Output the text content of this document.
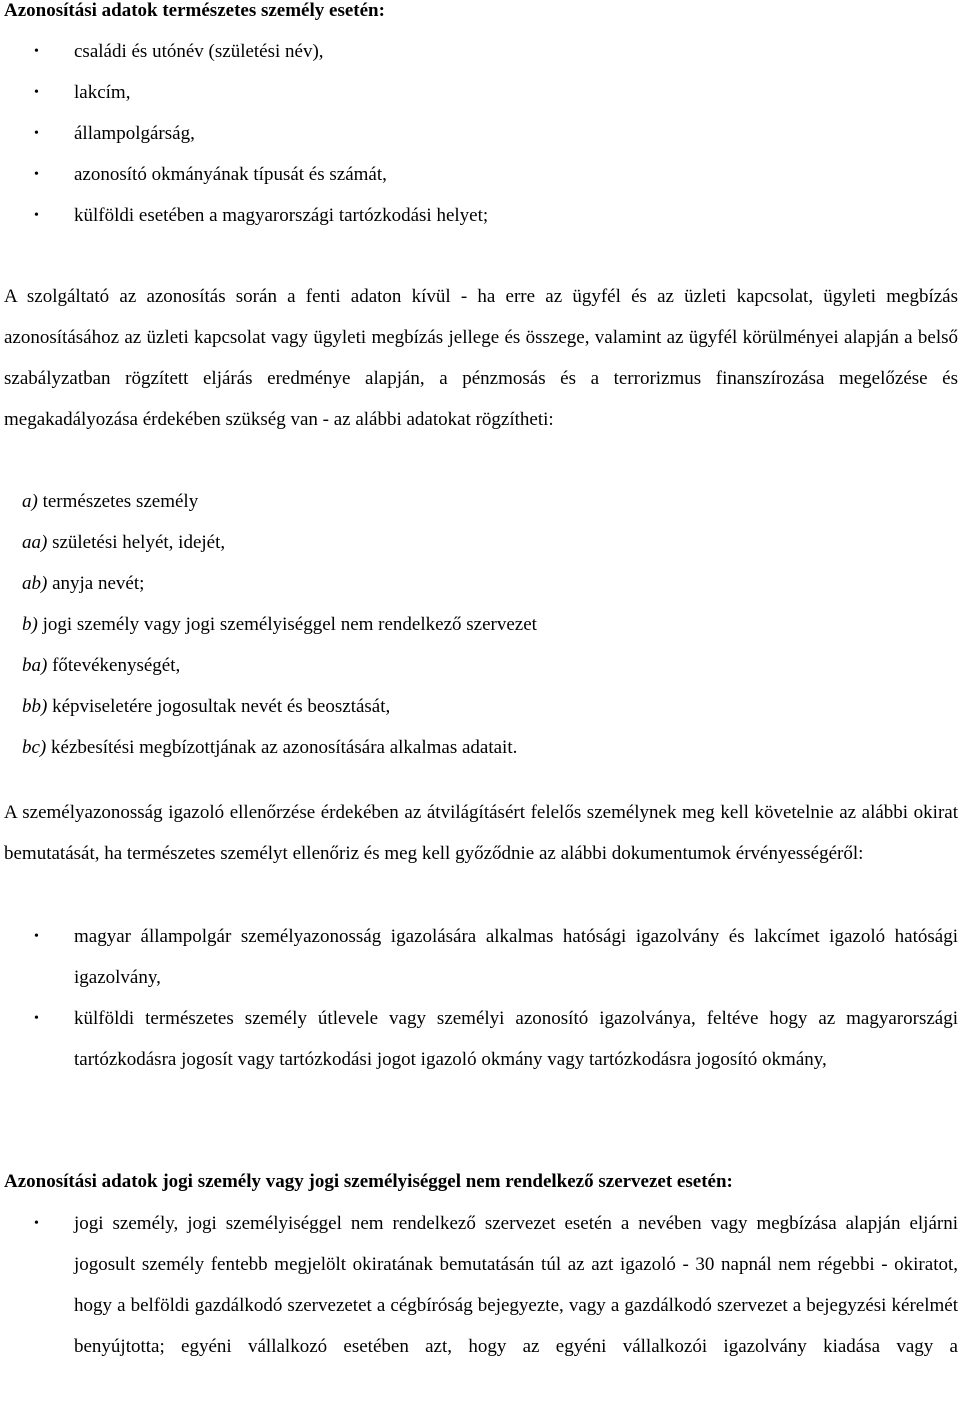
Azonosítási adatok természetes személy esetén:

• családi és utónév (születési név),
• lakcím,
• állampolgárság,
• azonosító okmányának típusát és számát,
• külföldi esetében a magyarországi tartózkodási helyet;

A szolgáltató az azonosítás során a fenti adaton kívül - ha erre az ügyfél és az üzleti kapcsolat, ügyleti megbízás azonosításához az üzleti kapcsolat vagy ügyleti megbízás jellege és összege, valamint az ügyfél körülményei alapján a belső szabályzatban rögzített eljárás eredménye alapján, a pénzmosás és a terrorizmus finanszírozása megelőzése és megakadályozása érdekében szükség van - az alábbi adatokat rögzítheti:

a) természetes személy
aa) születési helyét, idejét,
ab) anyja nevét;
b) jogi személy vagy jogi személyiséggel nem rendelkező szervezet
ba) főtevékenységét,
bb) képviseletére jogosultak nevét és beosztását,
bc) kézbesítési megbízottjának az azonosítására alkalmas adatait.

A személyazonosság igazoló ellenőrzése érdekében az átvilágításért felelős személynek meg kell követelnie az alábbi okirat bemutatását, ha természetes személyt ellenőriz és meg kell győződnie az alábbi dokumentumok érvényességéről:

• magyar állampolgár személyazonosság igazolására alkalmas hatósági igazolvány és lakcímet igazoló hatósági igazolvány,
• külföldi természetes személy útlevele vagy személyi azonosító igazolványa, feltéve hogy az magyarországi tartózkodásra jogosít vagy tartózkodási jogot igazoló okmány vagy tartózkodásra jogosító okmány,

Azonosítási adatok jogi személy vagy jogi személyiséggel nem rendelkező szervezet esetén:

• jogi személy, jogi személyiséggel nem rendelkező szervezet esetén a nevében vagy megbízása alapján eljárni jogosult személy fentebb megjelölt okiratának bemutatásán túl az azt igazoló - 30 napnál nem régebbi - okiratot, hogy a belföldi gazdálkodó szervezetet a cégbíróság bejegyezte, vagy a gazdálkodó szervezet a bejegyzési kérelmét benyújtotta; egyéni vállalkozó esetében azt, hogy az egyéni vállalkozói igazolvány kiadása vagy a
